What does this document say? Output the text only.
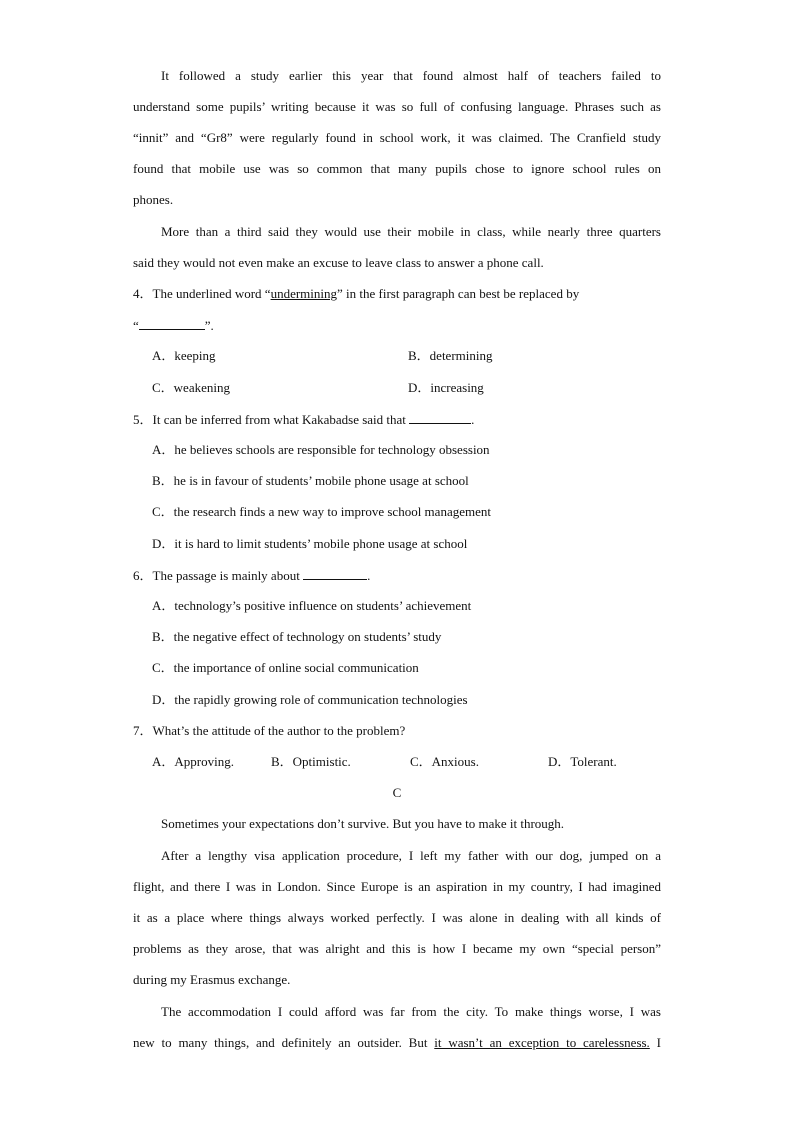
It followed a study earlier this year that found almost half of teachers failed to
understand some pupils’ writing because it was so full of confusing language. Phrases such as
“innit” and “Gr8” were regularly found in school work, it was claimed. The Cranfield study
found that mobile use was so common that many pupils chose to ignore school rules on
phones.
More than a third said they would use their mobile in class, while nearly three quarters
said they would not even make an excuse to leave class to answer a phone call.
4．The underlined word “undermining” in the first paragraph can best be replaced by
“	”.
A．keeping	B．determining
C．weakening	D．increasing
5．It can be inferred from what Kakabadse said that	.
A．he believes schools are responsible for technology obsession
B．he is in favour of students’ mobile phone usage at school
C．the research finds a new way to improve school management
D．it is hard to limit students’ mobile phone usage at school
6．The passage is mainly about	.
A．technology’s positive influence on students’ achievement
B．the negative effect of technology on students’ study
C．the importance of online social communication
D．the rapidly growing role of communication technologies
7．What’s the attitude of the author to the problem?
A．Approving.	B．Optimistic.	C．Anxious.	D．Tolerant.
C
Sometimes your expectations don’t survive. But you have to make it through.
After a lengthy visa application procedure, I left my father with our dog, jumped on a
flight, and there I was in London. Since Europe is an aspiration in my country, I had imagined
it as a place where things always worked perfectly. I was alone in dealing with all kinds of
problems as they arose, that was alright and this is how I became my own “special person”
during my Erasmus exchange.
The accommodation I could afford was far from the city. To make things worse, I was
new to many things, and definitely an outsider. But it wasn’t an exception to carelessness. I
